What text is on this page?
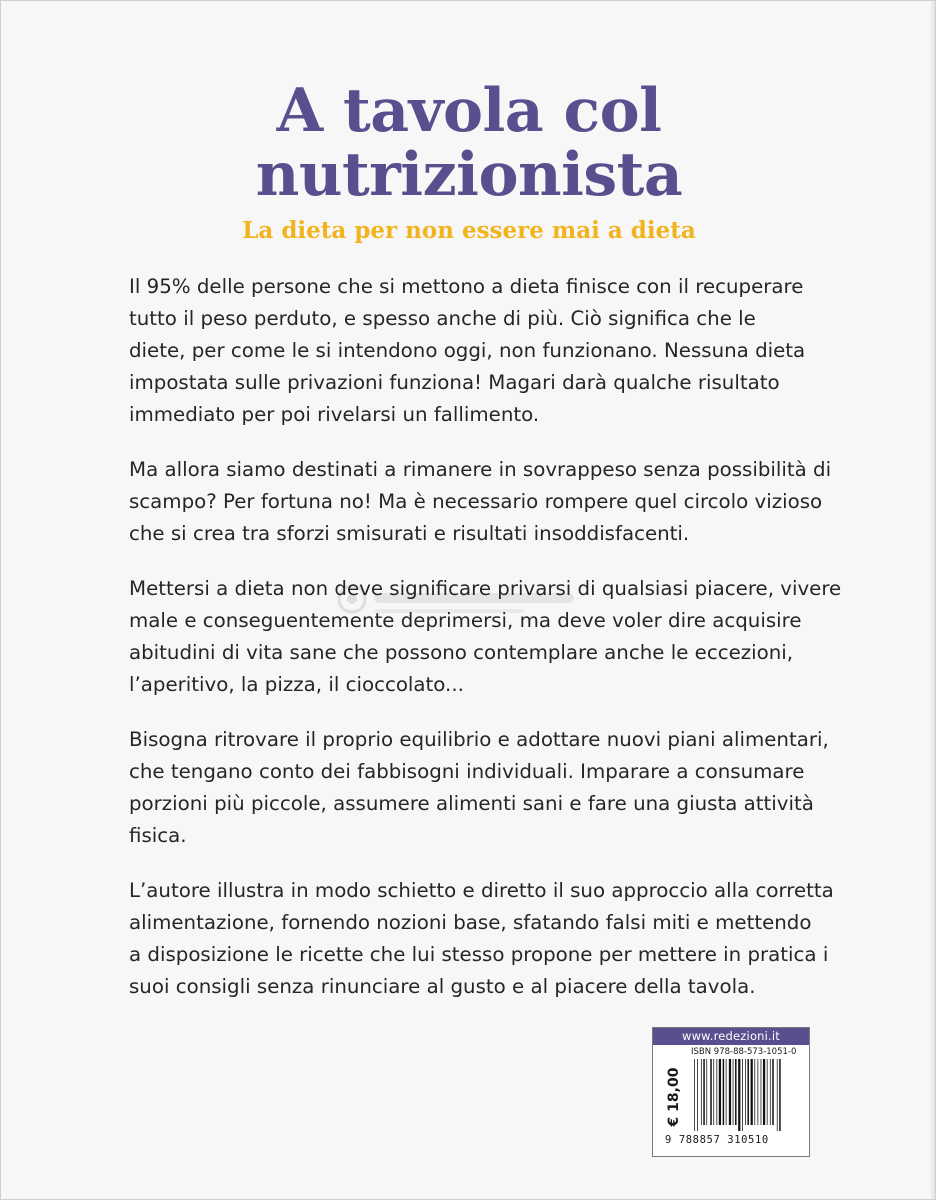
A tavola col
nutrizionista
La dieta per non essere mai a dieta

Il 95% delle persone che si mettono a dieta finisce con il recuperare
tutto il peso perduto, e spesso anche di più. Ciò significa che le
diete, per come le si intendono oggi, non funzionano. Nessuna dieta
impostata sulle privazioni funziona! Magari darà qualche risultato
immediato per poi rivelarsi un fallimento.

Ma allora siamo destinati a rimanere in sovrappeso senza possibilità di
scampo? Per fortuna no! Ma è necessario rompere quel circolo vizioso
che si crea tra sforzi smisurati e risultati insoddisfacenti.

Mettersi a dieta non deve significare privarsi di qualsiasi piacere, vivere
male e conseguentemente deprimersi, ma deve voler dire acquisire
abitudini di vita sane che possono contemplare anche le eccezioni,
l’aperitivo, la pizza, il cioccolato...

Bisogna ritrovare il proprio equilibrio e adottare nuovi piani alimentari,
che tengano conto dei fabbisogni individuali. Imparare a consumare
porzioni più piccole, assumere alimenti sani e fare una giusta attività
fisica.

L’autore illustra in modo schietto e diretto il suo approccio alla corretta
alimentazione, fornendo nozioni base, sfatando falsi miti e mettendo
a disposizione le ricette che lui stesso propone per mettere in pratica i
suoi consigli senza rinunciare al gusto e al piacere della tavola.

www.redezioni.it
€ 18,00
ISBN 978-88-573-1051-0
9 788857 310510
